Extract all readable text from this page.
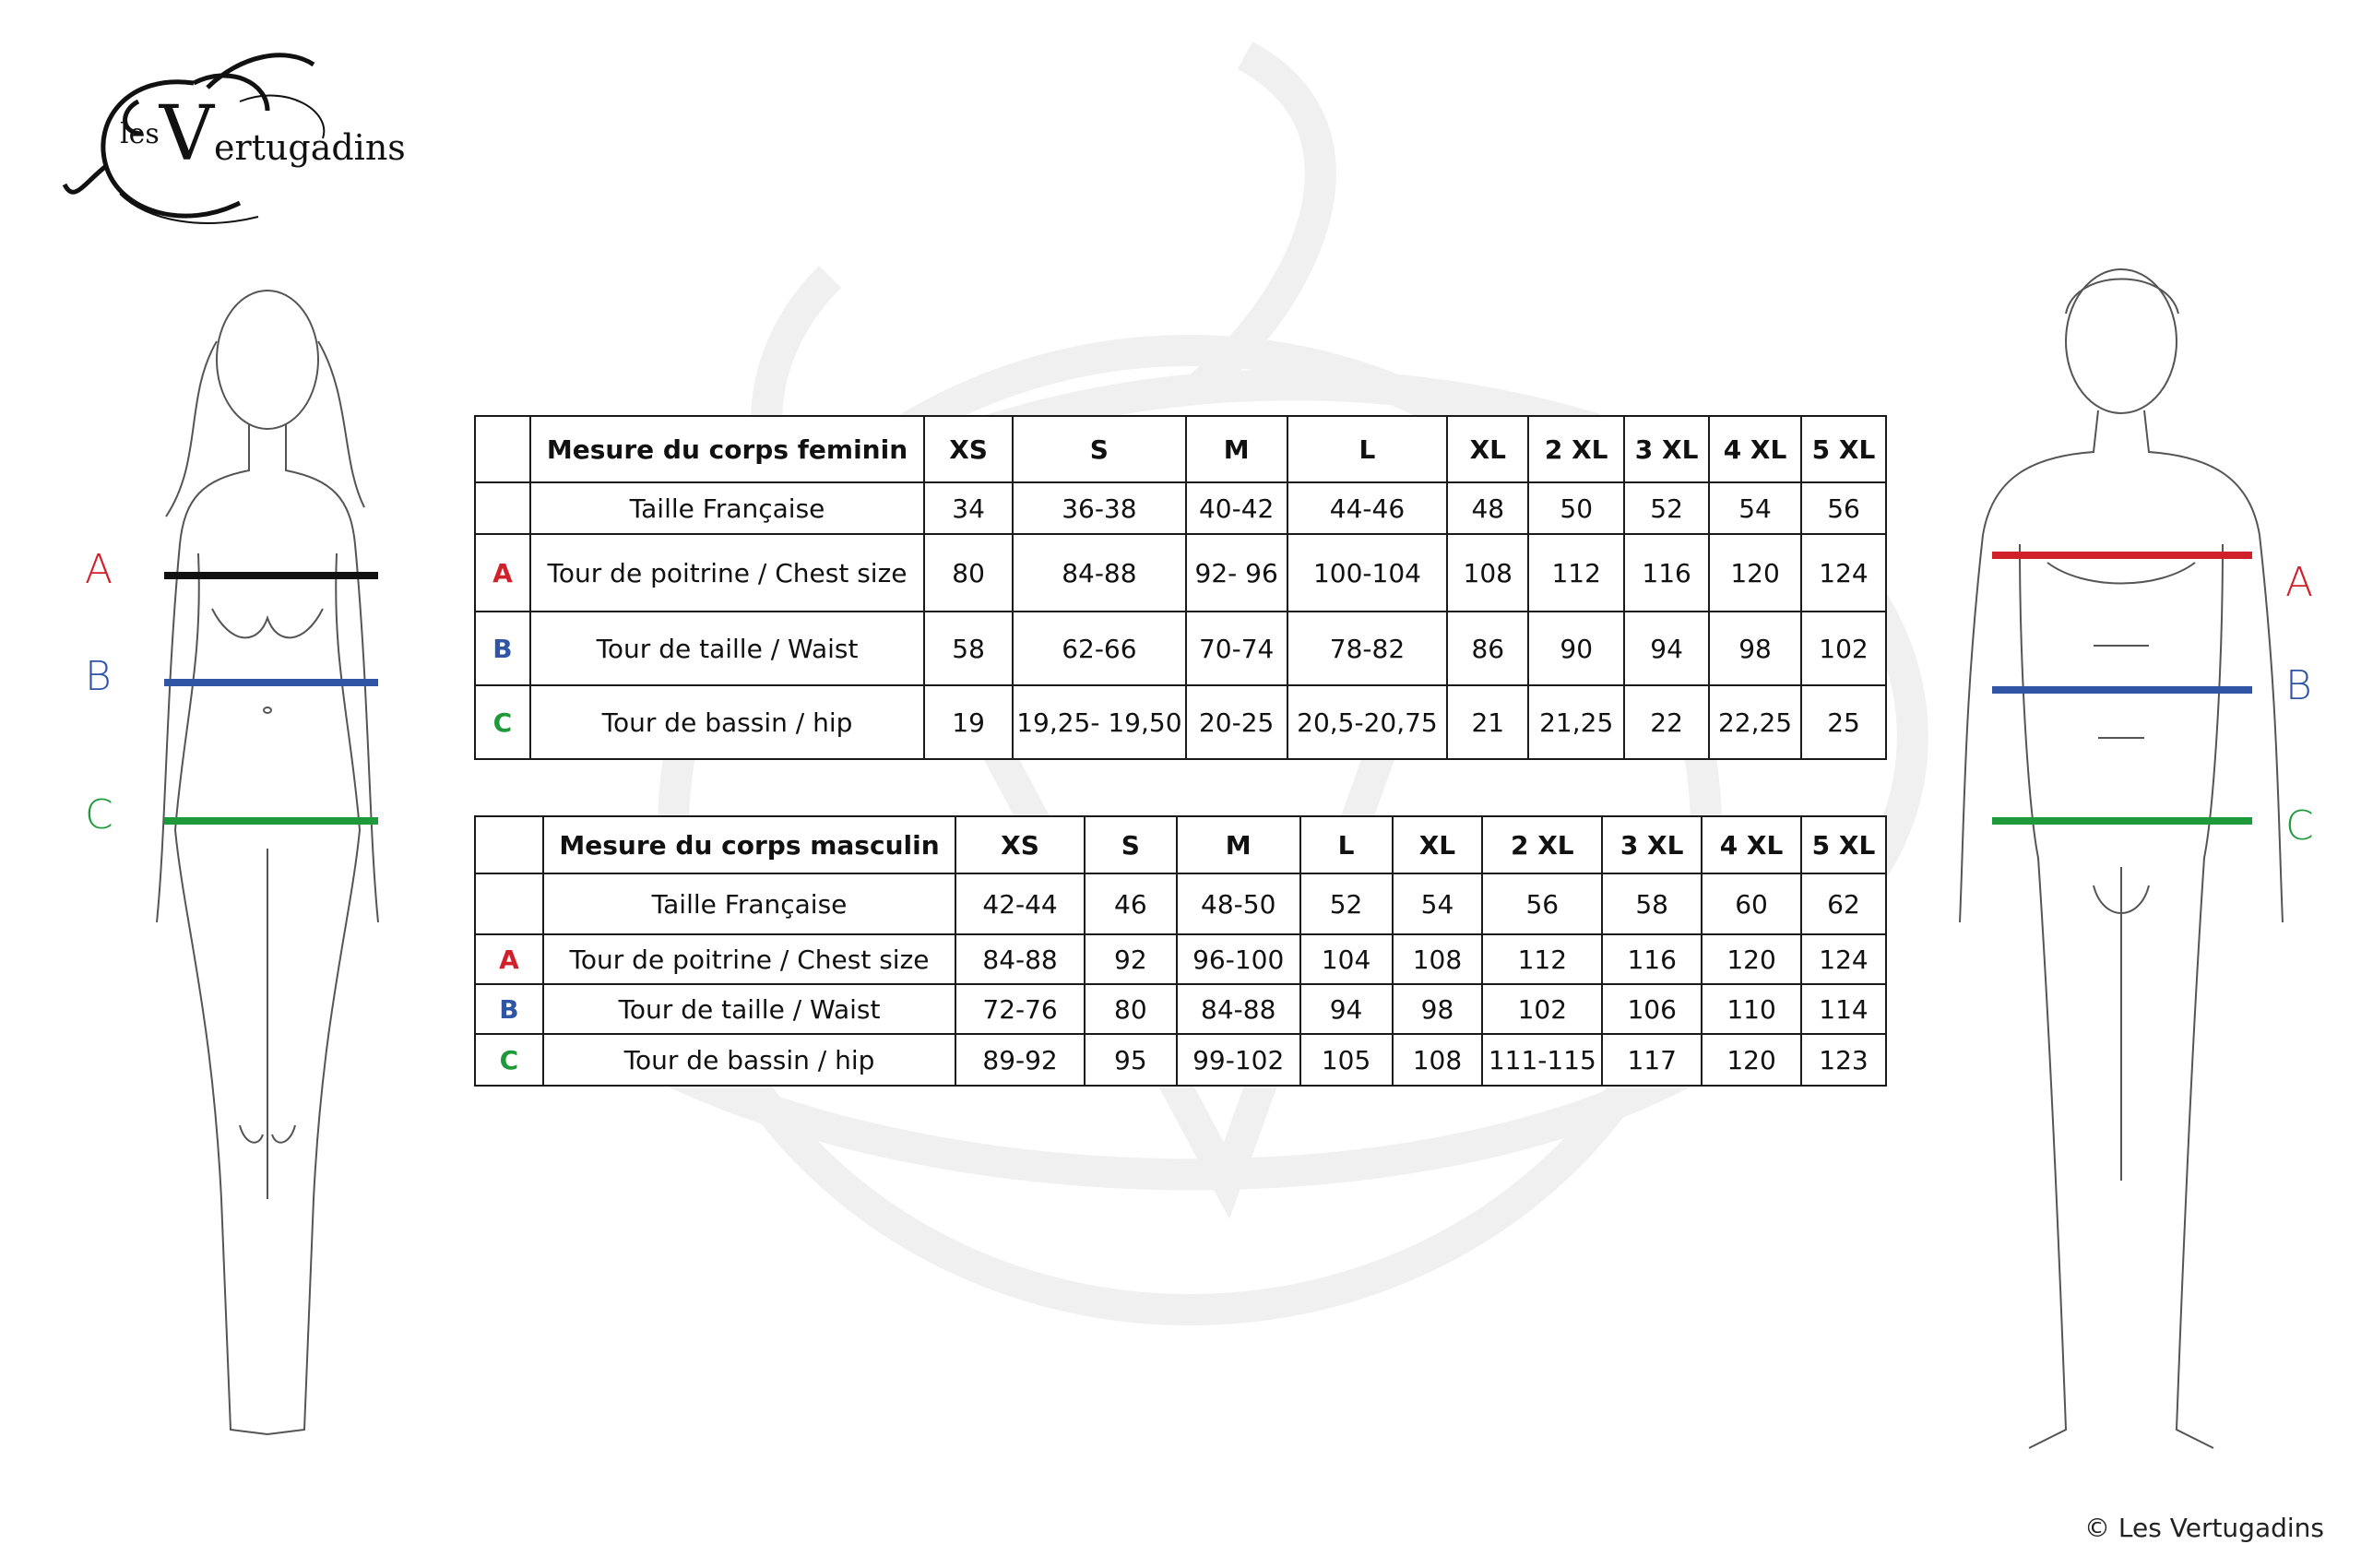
lesVertugadins
A
B
C
A
B
C
	Mesure du corps feminin	XS	S	M	L	XL	2 XL	3 XL	4 XL	5 XL
	Taille Française	34	36-38	40-42	44-46	48	50	52	54	56
A	Tour de poitrine / Chest size	80	84-88	92- 96	100-104	108	112	116	120	124
B	Tour de taille / Waist	58	62-66	70-74	78-82	86	90	94	98	102
C	Tour de bassin / hip	19	19,25- 19,50	20-25	20,5-20,75	21	21,25	22	22,25	25
	Mesure du corps masculin	XS	S	M	L	XL	2 XL	3 XL	4 XL	5 XL
	Taille Française	42-44	46	48-50	52	54	56	58	60	62
A	Tour de poitrine / Chest size	84-88	92	96-100	104	108	112	116	120	124
B	Tour de taille / Waist	72-76	80	84-88	94	98	102	106	110	114
C	Tour de bassin / hip	89-92	95	99-102	105	108	111-115	117	120	123
© Les Vertugadins
